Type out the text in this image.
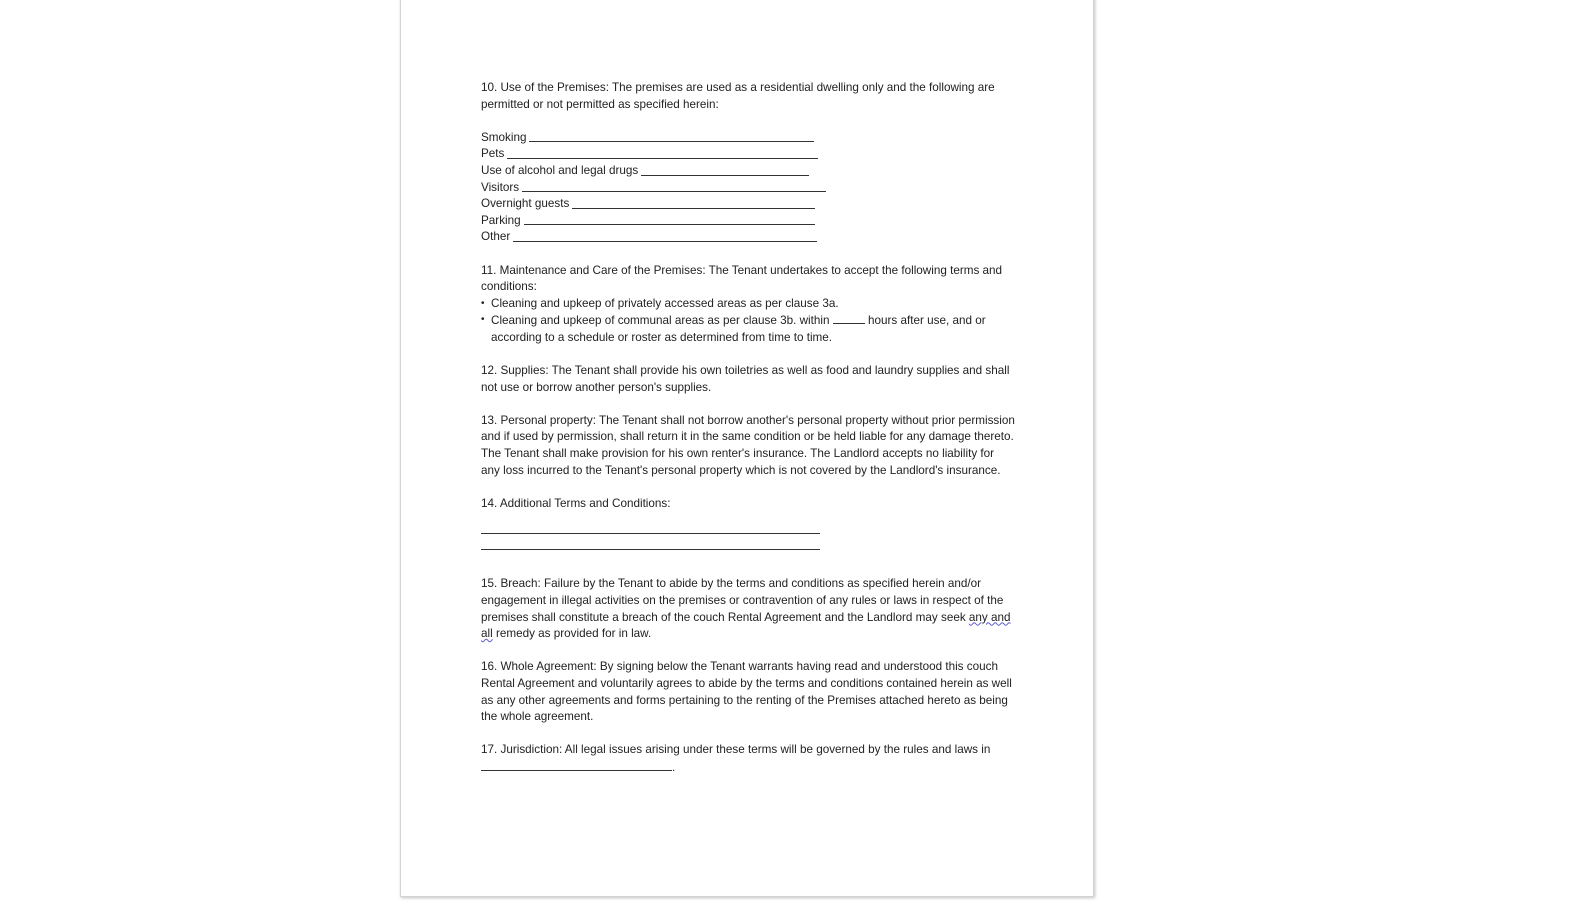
10. Use of the Premises: The premises are used as a residential dwelling only and the following are permitted or not permitted as specified herein:

Smoking
Pets
Use of alcohol and legal drugs
Visitors
Overnight guests
Parking
Other
11. Maintenance and Care of the Premises: The Tenant undertakes to accept the following terms and conditions:
• Cleaning and upkeep of privately accessed areas as per clause 3a.
• Cleaning and upkeep of communal areas as per clause 3b. within	hours after use, and or according to a schedule or roster as determined from time to time.

12. Supplies: The Tenant shall provide his own toiletries as well as food and laundry supplies and shall not use or borrow another person's supplies.

13. Personal property: The Tenant shall not borrow another's personal property without prior permission and if used by permission, shall return it in the same condition or be held liable for any damage thereto. The Tenant shall make provision for his own renter's insurance. The Landlord accepts no liability for any loss incurred to the Tenant's personal property which is not covered by the Landlord's insurance.

14. Additional Terms and Conditions:

15. Breach: Failure by the Tenant to abide by the terms and conditions as specified herein and/or engagement in illegal activities on the premises or contravention of any rules or laws in respect of the premises shall constitute a breach of the couch Rental Agreement and the Landlord may seek any and all remedy as provided for in law.

16. Whole Agreement: By signing below the Tenant warrants having read and understood this couch Rental Agreement and voluntarily agrees to abide by the terms and conditions contained herein as well as any other agreements and forms pertaining to the renting of the Premises attached hereto as being the whole agreement.

17. Jurisdiction: All legal issues arising under these terms will be governed by the rules and laws in .
